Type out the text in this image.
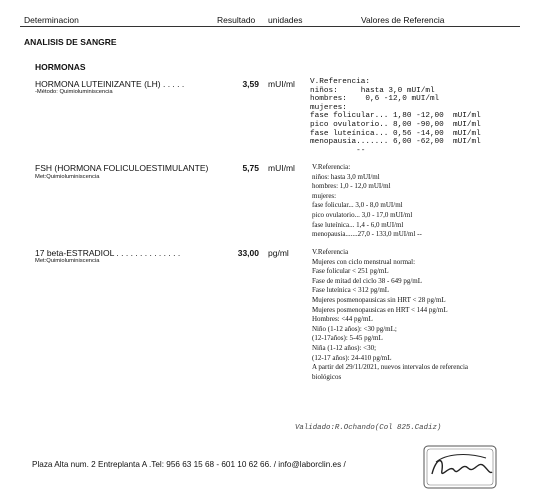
Determinacion	Resultado unidades	Valores de Referencia
ANALISIS DE SANGRE
HORMONAS
HORMONA LUTEINIZANTE (LH) . . . . .
-Método: Quimioluminiscencia
3,59 mUI/ml V.Referencia:
niños:     hasta 3,0 mUI/ml
hombres:    0,6 -12,0 mUI/ml
mujeres:
fase folicular... 1,80 -12,00  mUI/ml
pico ovulatorio.. 8,00 -90,00  mUI/ml
fase luteínica... 0,56 -14,00  mUI/ml
menopausia....... 6,00 -62,00  mUI/ml
--
FSH (HORMONA FOLICULOESTIMULANTE)
Met:Quimioluminiscencia
5,75 mUI/ml V.Referencia:
niños: hasta 3,0 mUI/ml
hombres: 1,0 - 12,0 mUI/ml
mujeres:
fase folicular... 3,0 - 8,0 mUI/ml
pico ovulatorio... 3,0 - 17,0 mUI/ml
fase luteínica... 1,4 - 6,0 mUI/ml
menopausia.......27,0 - 133,0 mUI/ml --
17 beta-ESTRADIOL . . . . . . . . . . . . . .
Met:Quimioluminiscencia
33,00 pg/ml	V.Referencia
Mujeres con ciclo menstrual normal:
Fase folicular < 251 pg/mL
Fase de mitad del ciclo 38 - 649 pg/mL
Fase luteínica < 312 pg/mL
Mujeres posmenopausicas sin HRT < 28 pg/mL
Mujeres posmenopausicas en HRT < 144 pg/mL
Hombres: <44 pg/mL
Niño (1-12 años): <30 pg/mL;
(12-17años): 5-45 pg/mL
Niña (1-12 años): <30;
(12-17 años): 24-410 pg/mL
A partir del 29/11/2021, nuevos intervalos de referencia
biológicos
Validado:R.Ochando(Col 825.Cadiz)
Plaza Alta num. 2 Entreplanta A .Tel: 956 63 15 68 - 601 10 62 66. / info@laborclin.es /
